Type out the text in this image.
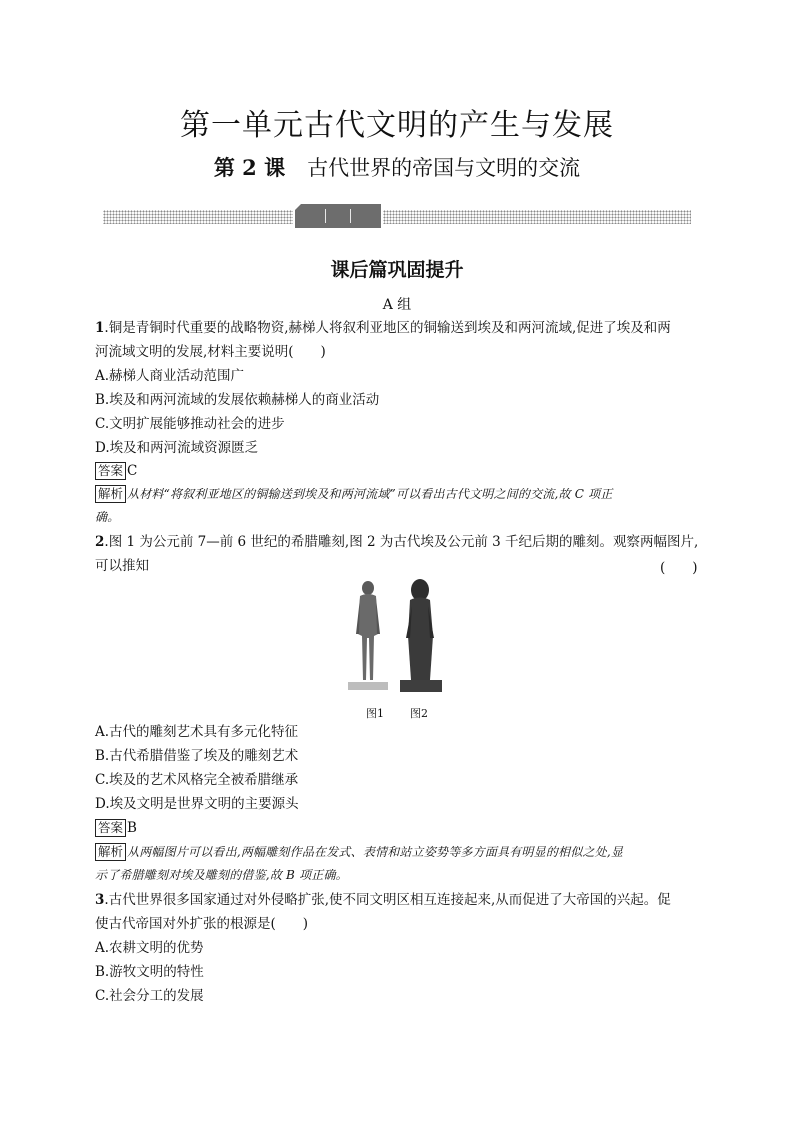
第一单元古代文明的产生与发展
第 2 课 古代世界的帝国与文明的交流
课后篇巩固提升
A 组
1.铜是青铜时代重要的战略物资,赫梯人将叙利亚地区的铜输送到埃及和两河流域,促进了埃及和两
河流域文明的发展,材料主要说明(　　)
A.赫梯人商业活动范围广
B.埃及和两河流域的发展依赖赫梯人的商业活动
C.文明扩展能够推动社会的进步
D.埃及和两河流域资源匮乏
答案 C
解析 从材料“将叙利亚地区的铜输送到埃及和两河流域”可以看出古代文明之间的交流,故 C 项正
确。
2.图 1 为公元前 7—前 6 世纪的希腊雕刻,图 2 为古代埃及公元前 3 千纪后期的雕刻。观察两幅图片,
可以推知	(　　)
图1 图2
A.古代的雕刻艺术具有多元化特征
B.古代希腊借鉴了埃及的雕刻艺术
C.埃及的艺术风格完全被希腊继承
D.埃及文明是世界文明的主要源头
答案 B
解析 从两幅图片可以看出,两幅雕刻作品在发式、表情和站立姿势等多方面具有明显的相似之处,显
示了希腊雕刻对埃及雕刻的借鉴,故 B 项正确。
3.古代世界很多国家通过对外侵略扩张,使不同文明区相互连接起来,从而促进了大帝国的兴起。促
使古代帝国对外扩张的根源是(　　)
A.农耕文明的优势
B.游牧文明的特性
C.社会分工的发展
